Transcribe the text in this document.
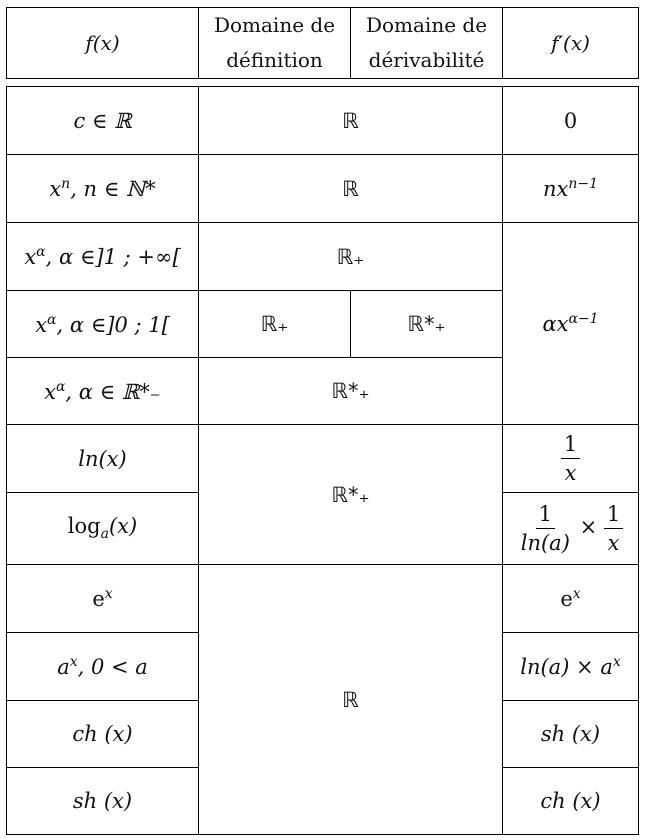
f(x)	Domaine de définition	Domaine de dérivabilité	f′(x)
c ∈ ℝ	ℝ		0
$x^n$, n ∈ ℕ*	ℝ		$nx^{n-1}$
$x^\alpha$, α ∈]1 ; +∞[	ℝ₊		$\alpha x^{\alpha-1}$
$x^\alpha$, α ∈]0 ; 1[	ℝ₊	ℝ*₊	
$x^\alpha$, α ∈ ℝ*₋	ℝ*₊		
ln(x)	ℝ*₊		$\frac{1}{x}$

$\log_a(x)$			$\frac{1}{\ln(a)} \times \frac{1}{x}$

$e^x$	ℝ		$e^x$
$a^x$, 0 < a			$\ln(a) \times a^x$
ch (x)			sh (x)
sh (x)			ch (x)
